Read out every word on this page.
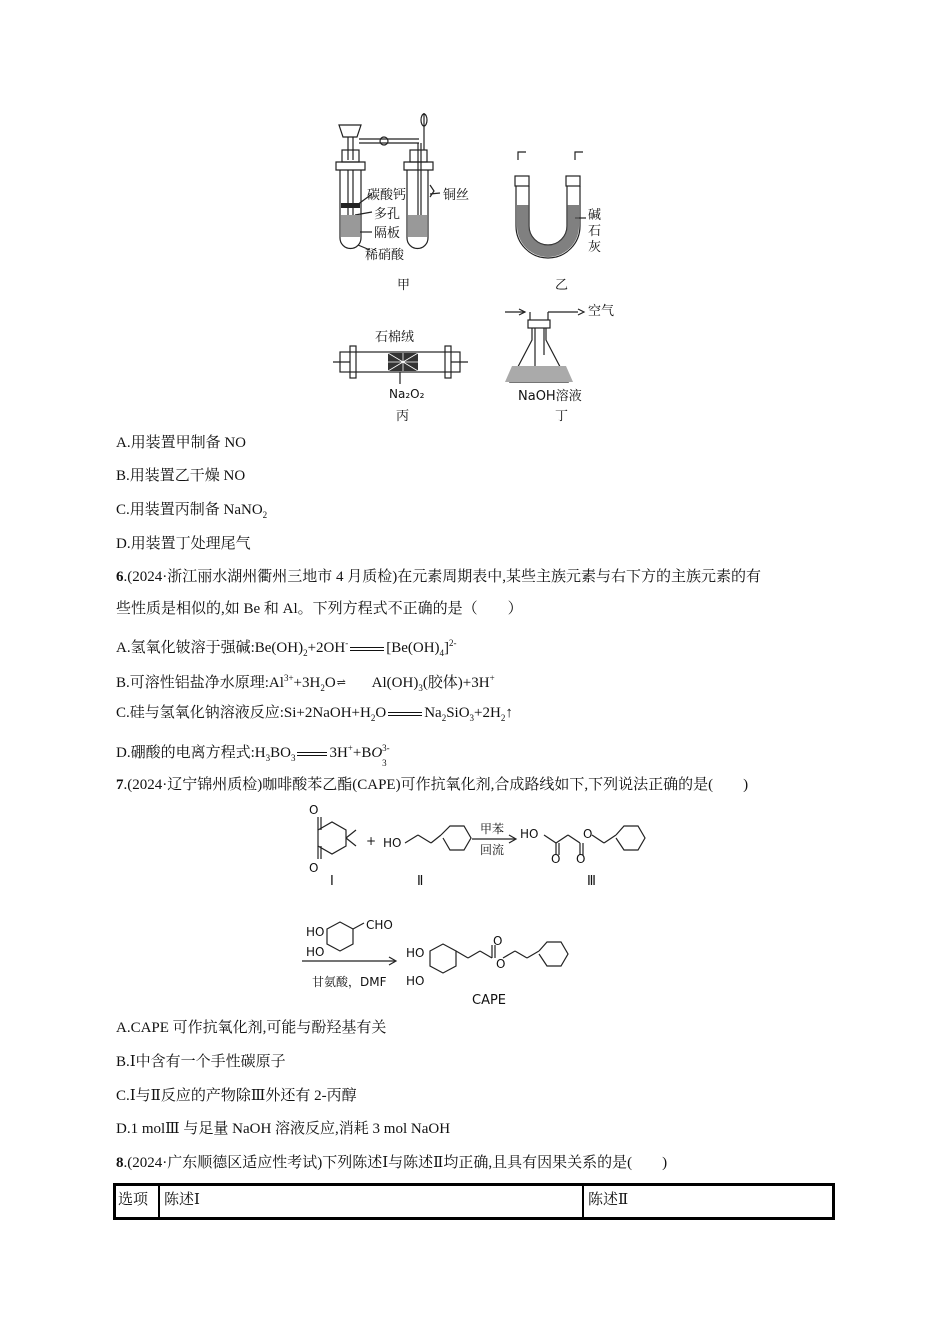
碳酸钙
多孔
隔板
稀硝酸
铜丝
甲
碱
石
灰
乙
石棉绒
Na₂O₂
丙
空气
NaOH溶液
丁
A.用装置甲制备 NO
B.用装置乙干燥 NO
C.用装置丙制备 NaNO$_2$
D.用装置丁处理尾气
6.(2024·浙江丽水湖州衢州三地市 4 月质检)在元素周期表中,某些主族元素与右下方的主族元素的有
些性质是相似的,如 Be 和 Al。下列方程式不正确的是（　　）
A.氢氧化铍溶于强碱$:Be(OH)_2+2OH^-$	$[Be(OH)_4]^{2-}$
B.可溶性铝盐净水原理$:Al^{3+}+3H_2O\rightleftharpoons$ $Al(OH)_3$(胶体)+3H+
C.硅与氢氧化钠溶液反应$:Si+2NaOH+H_2O$	$Na_2SiO_3+2H_2↑$
D.硼酸的电离方程式$:H_3BO_3$ 3H++BO 3-
3
7.(2024·辽宁锦州质检)咖啡酸苯乙酯(CAPE)可作抗氧化剂,合成路线如下,下列说法正确的是(　　)
O
O
+ HO
甲苯
回流
HO
O O
O
Ⅰ	Ⅱ	Ⅲ
HO
HO
CHO
甘氨酸，DMF
HO
HO
O
O
CAPE
A.CAPE 可作抗氧化剂,可能与酚羟基有关
B.Ⅰ中含有一个手性碳原子
C.Ⅰ与Ⅱ反应的产物除Ⅲ外还有 2-丙醇
D.1 molⅢ 与足量 NaOH 溶液反应,消耗 3 mol NaOH
8.(2024·广东顺德区适应性考试)下列陈述Ⅰ与陈述Ⅱ均正确,且具有因果关系的是(　　)
选项 陈述Ⅰ	陈述Ⅱ
